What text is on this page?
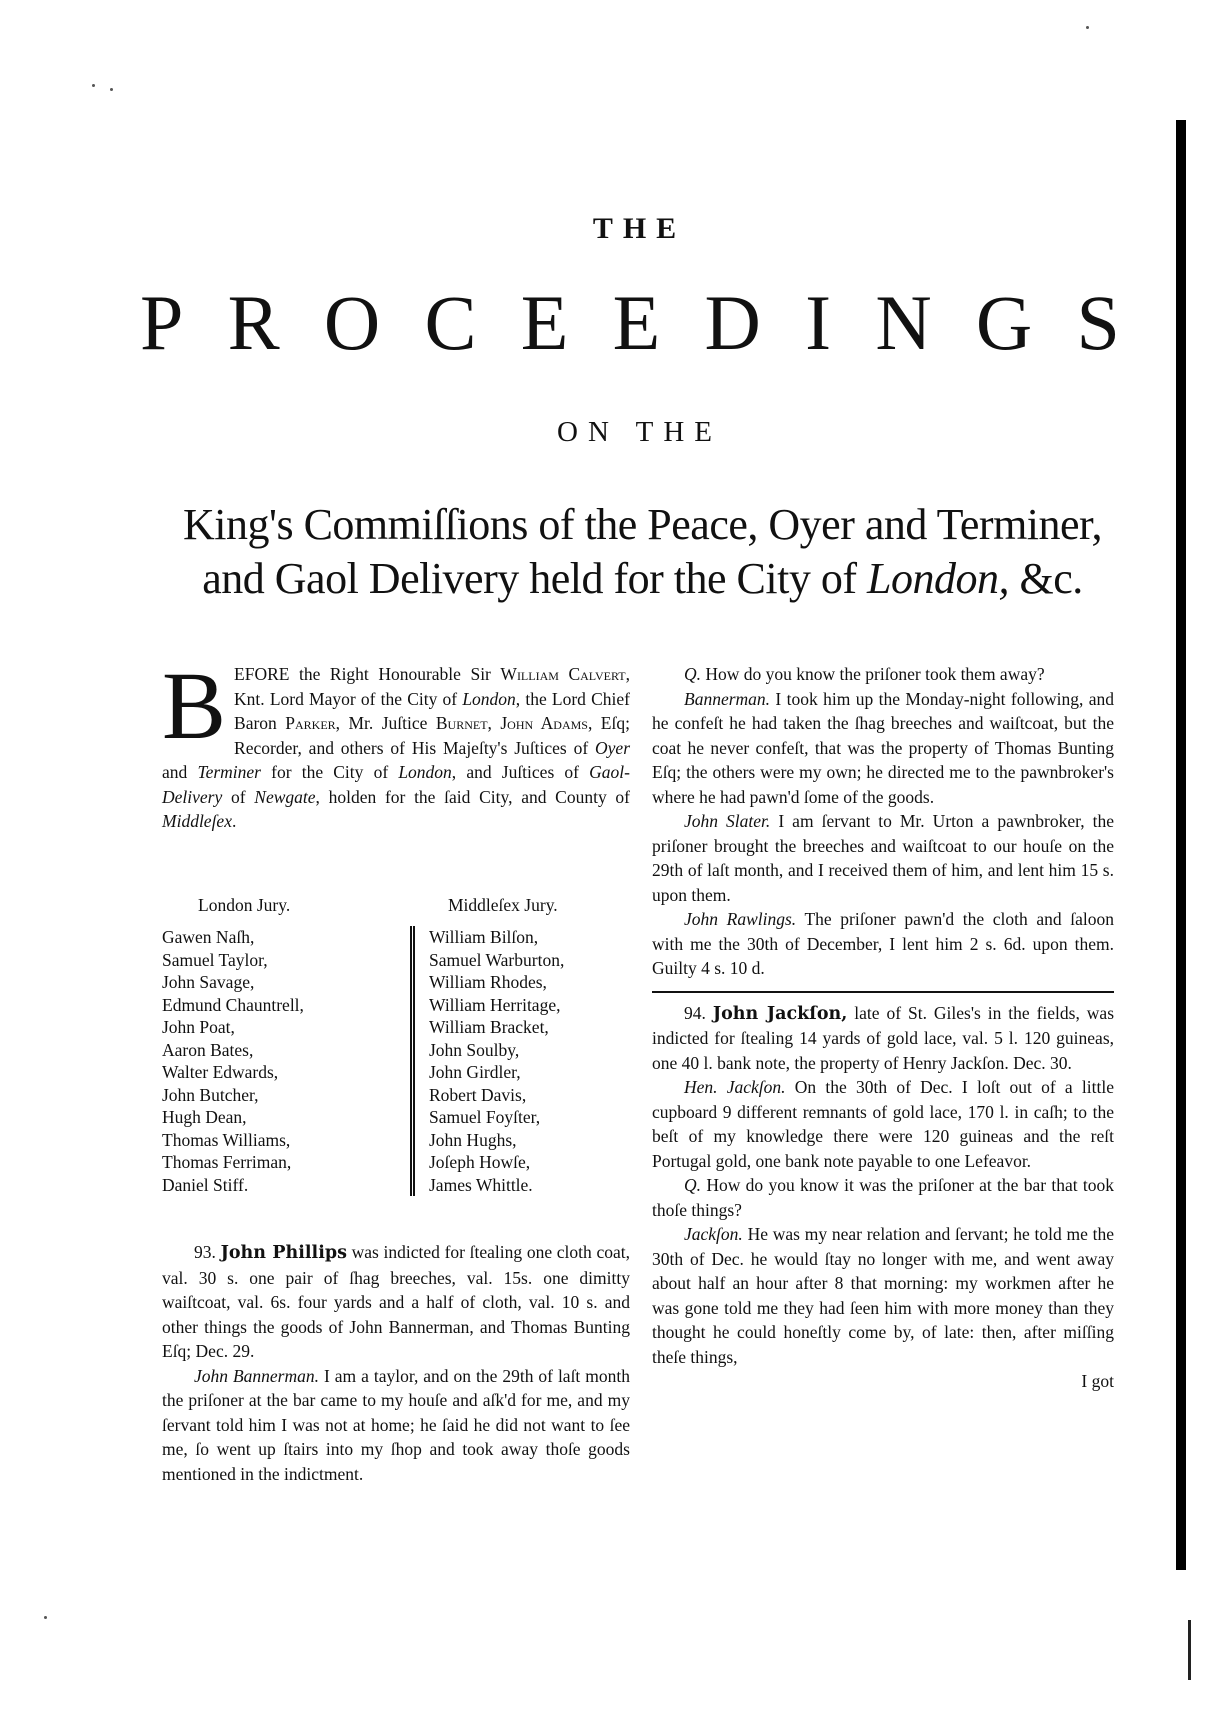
THE
P R O C E E D I N G S
ON THE
King's Commiſſions of the Peace, Oyer and Terminer,
and Gaol Delivery held for the City of London, &c.

BEFORE the Right Honourable Sir William Calvert, Knt. Lord Mayor of the City of London, the Lord Chief Baron Parker, Mr. Juſtice Burnet, John Adams, Eſq; Recorder, and others of His Majeſty's Juſtices of Oyer and Terminer for the City of London, and Juſtices of Gaol-Delivery of Newgate, holden for the ſaid City, and County of Middleſex.

London Jury.	Middleſex Jury.
Gawen Naſh,
Samuel Taylor,
John Savage,
Edmund Chauntrell,
John Poat,
Aaron Bates,
Walter Edwards,
John Butcher,
Hugh Dean,
Thomas Williams,
Thomas Ferriman,
Daniel Stiff.
William Bilſon,
Samuel Warburton,
William Rhodes,
William Herritage,
William Bracket,
John Soulby,
John Girdler,
Robert Davis,
Samuel Foyſter,
John Hughs,
Joſeph Howſe,
James Whittle.

93. John Phillips was indicted for ſtealing one cloth coat, val. 30 s. one pair of ſhag breeches, val. 15s. one dimitty waiſtcoat, val. 6s. four yards and a half of cloth, val. 10 s. and other things the goods of John Bannerman, and Thomas Bunting Eſq; Dec. 29.

John Bannerman. I am a taylor, and on the 29th of laſt month the priſoner at the bar came to my houſe and aſk'd for me, and my ſervant told him I was not at home; he ſaid he did not want to ſee me, ſo went up ſtairs into my ſhop and took away thoſe goods mentioned in the indictment.

Q. How do you know the priſoner took them away?

Bannerman. I took him up the Monday-night following, and he confeſt he had taken the ſhag breeches and waiſtcoat, but the coat he never confeſt, that was the property of Thomas Bunting Eſq; the others were my own; he directed me to the pawnbroker's where he had pawn'd ſome of the goods.

John Slater. I am ſervant to Mr. Urton a pawnbroker, the priſoner brought the breeches and waiſtcoat to our houſe on the 29th of laſt month, and I received them of him, and lent him 15 s. upon them.

John Rawlings. The priſoner pawn'd the cloth and ſaloon with me the 30th of December, I lent him 2 s. 6d. upon them. Guilty 4 s. 10 d.

94. John Jackſon, late of St. Giles's in the fields, was indicted for ſtealing 14 yards of gold lace, val. 5 l. 120 guineas, one 40 l. bank note, the property of Henry Jackſon. Dec. 30.

Hen. Jackſon. On the 30th of Dec. I loſt out of a little cupboard 9 different remnants of gold lace, 170 l. in caſh; to the beſt of my knowledge there were 120 guineas and the reſt Portugal gold, one bank note payable to one Lefeavor.

Q. How do you know it was the priſoner at the bar that took thoſe things?

Jackſon. He was my near relation and ſervant; he told me the 30th of Dec. he would ſtay no longer with me, and went away about half an hour after 8 that morning: my workmen after he was gone told me they had ſeen him with more money than they thought he could honeſtly come by, of late: then, after miſſing theſe things,

I got
